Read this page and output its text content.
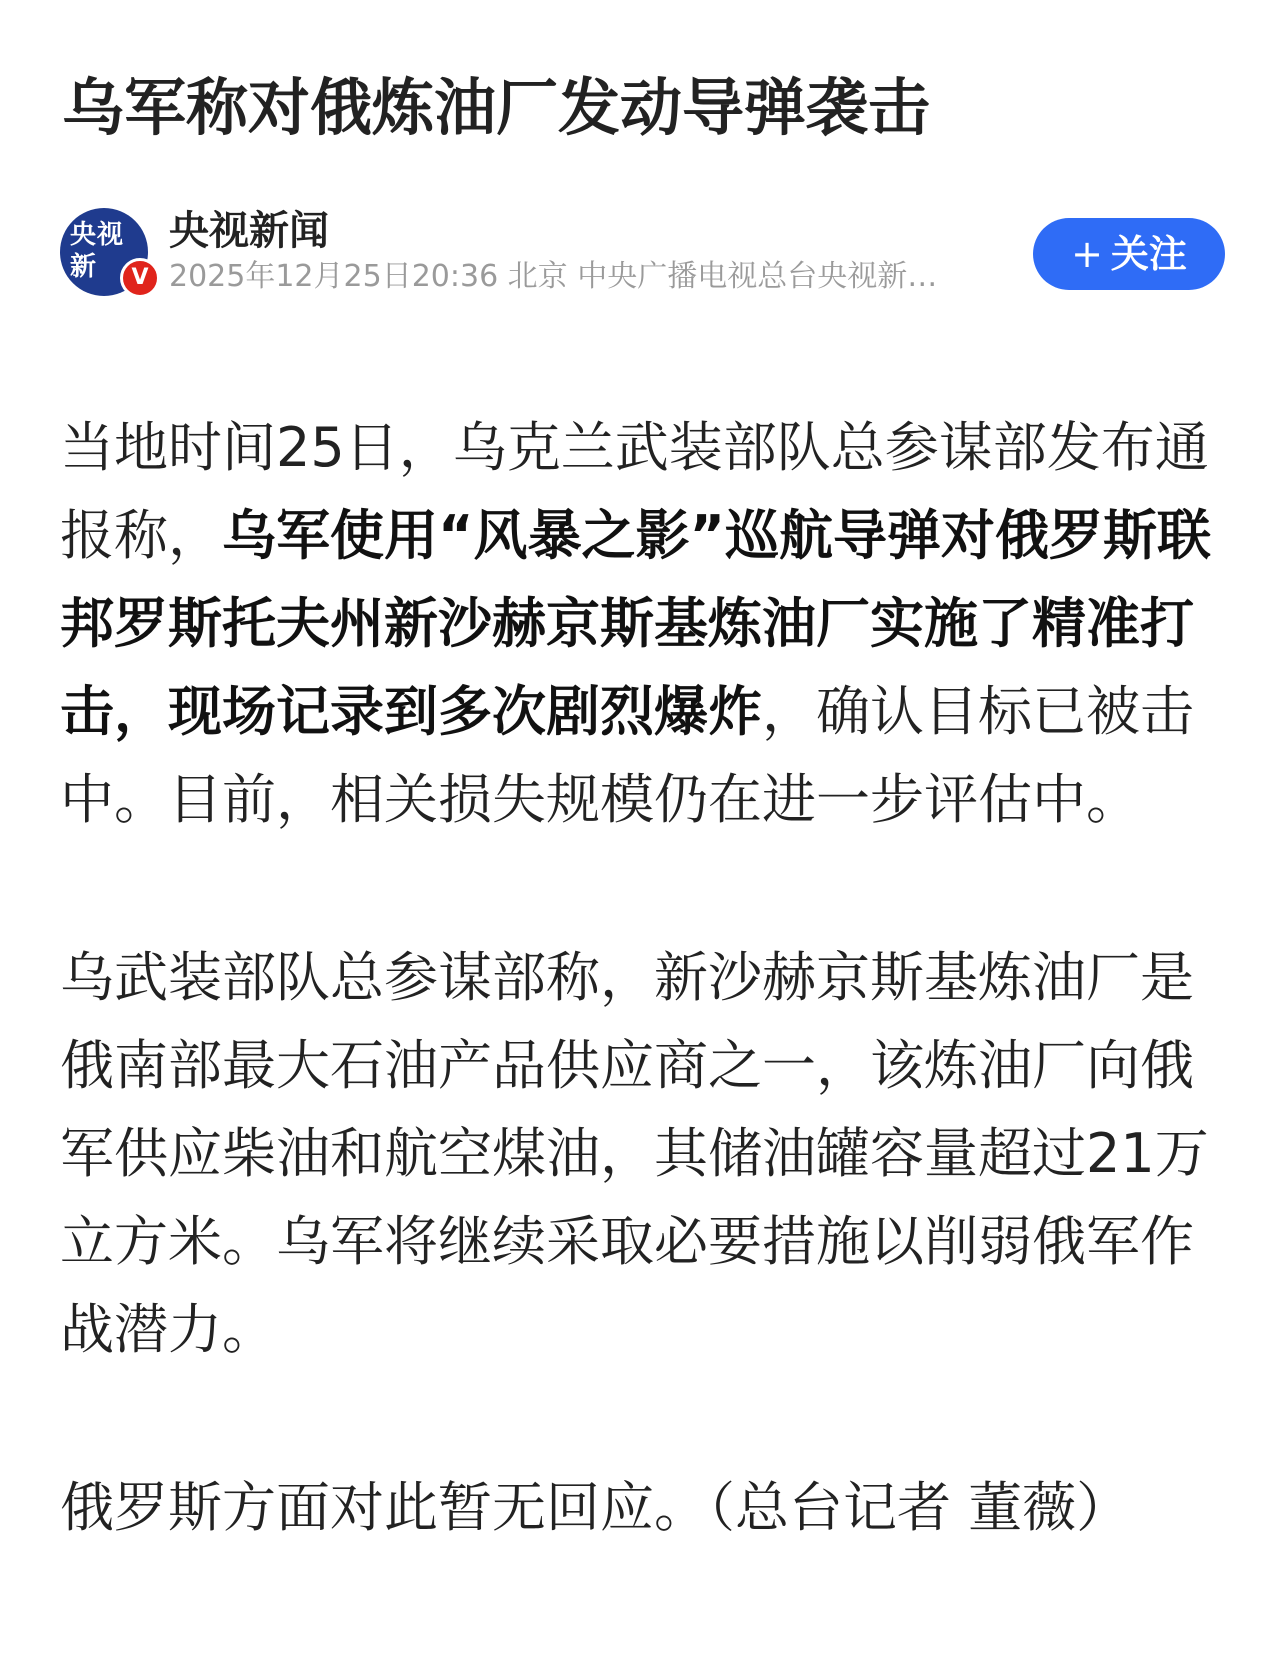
乌军称对俄炼油厂发动导弹袭击
央视
新	V
央视新闻
2025年12月25日20:36 北京 中央广播电视总台央视新…
+ 关注

当地时间25日，乌克兰武装部队总参谋部发布通报称，乌军使用“风暴之影”巡航导弹对俄罗斯联邦罗斯托夫州新沙赫京斯基炼油厂实施了精准打击，现场记录到多次剧烈爆炸，确认目标已被击中。目前，相关损失规模仍在进一步评估中。

乌武装部队总参谋部称，新沙赫京斯基炼油厂是俄南部最大石油产品供应商之一，该炼油厂向俄军供应柴油和航空煤油，其储油罐容量超过21万立方米。乌军将继续采取必要措施以削弱俄军作战潜力。

俄罗斯方面对此暂无回应。（总台记者 董薇）
